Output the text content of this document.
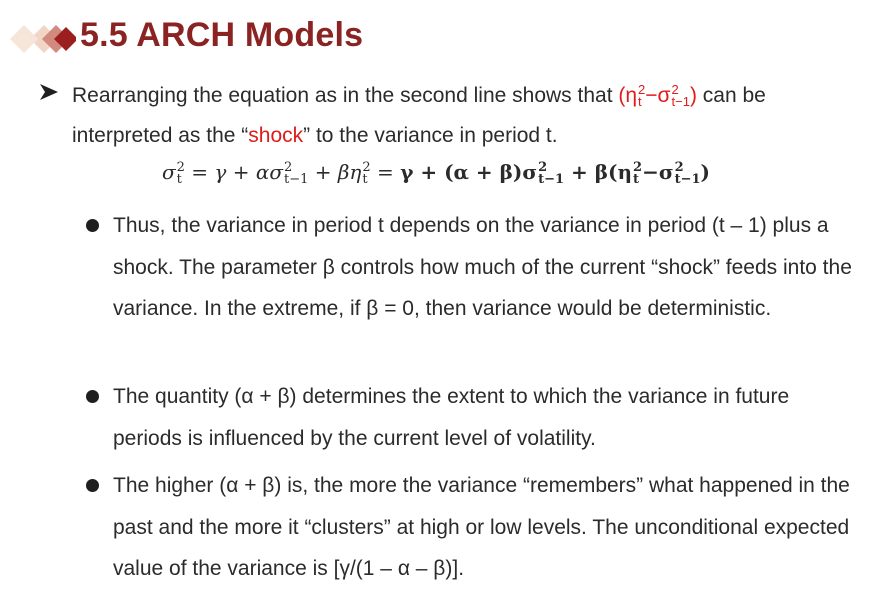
5.5 ARCH Models
Rearranging the equation as in the second line shows that (η 2
t −σ 2
t−1 ) can be interpreted as the “shock” to the variance in period t.
σ 2
t = γ + ασ 2
t−1 + βη 2
t = γ + (α + β)σ 2
t−1 + β(η 2
t −σ 2
t−1 )
Thus, the variance in period t depends on the variance in period (t – 1) plus a shock. The parameter β controls how much of the current “shock” feeds into the variance. In the extreme, if β = 0, then variance would be deterministic.
The quantity (α + β) determines the extent to which the variance in future periods is influenced by the current level of volatility.
The higher (α + β) is, the more the variance “remembers” what happened in the past and the more it “clusters” at high or low levels. The unconditional expected value of the variance is [γ/(1 – α – β)].
